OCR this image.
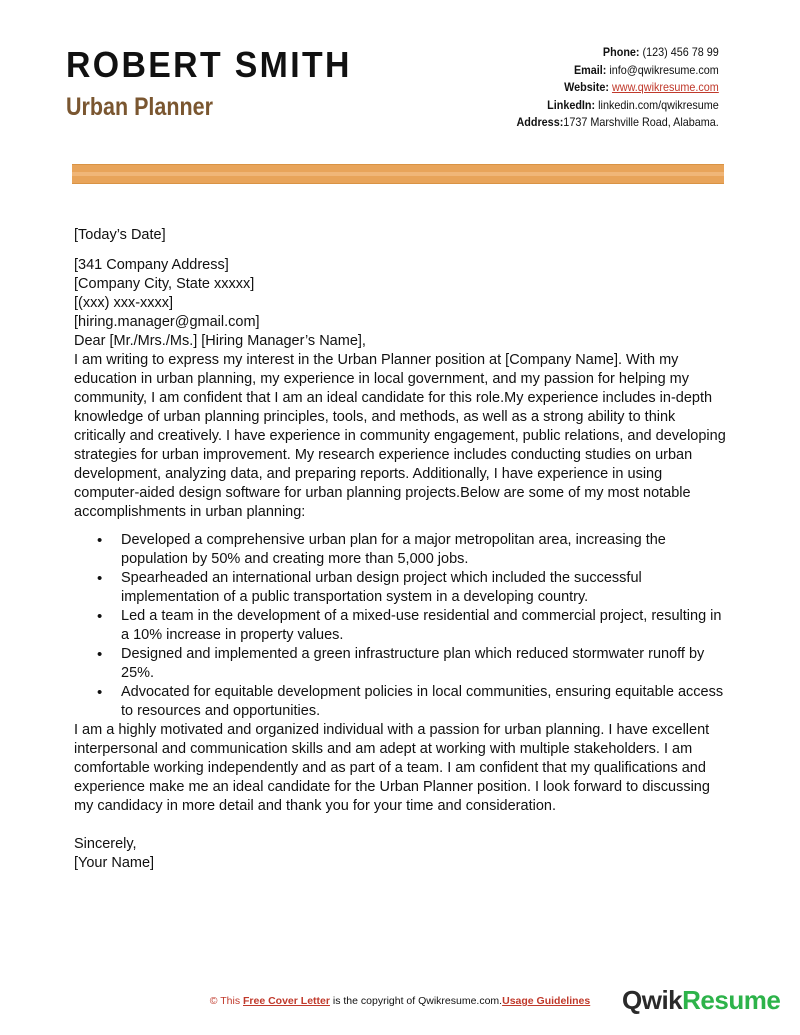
ROBERT SMITH
Urban Planner
Phone: (123) 456 78 99
Email: info@qwikresume.com
Website: www.qwikresume.com
LinkedIn: linkedin.com/qwikresume
Address:1737 Marshville Road, Alabama.

[Today’s Date]

[341 Company Address]

[Company City, State xxxxx]

[(xxx) xxx-xxxx]

[hiring.manager@gmail.com]

Dear [Mr./Mrs./Ms.] [Hiring Manager’s Name],

I am writing to express my interest in the Urban Planner position at [Company Name]. With my education in urban planning, my experience in local government, and my passion for helping my community, I am confident that I am an ideal candidate for this role.My experience includes in-depth knowledge of urban planning principles, tools, and methods, as well as a strong ability to think critically and creatively. I have experience in community engagement, public relations, and developing strategies for urban improvement. My research experience includes conducting studies on urban development, analyzing data, and preparing reports. Additionally, I have experience in using computer-aided design software for urban planning projects.Below are some of my most notable accomplishments in urban planning:

• Developed a comprehensive urban plan for a major metropolitan area, increasing the population by 50% and creating more than 5,000 jobs.
• Spearheaded an international urban design project which included the successful implementation of a public transportation system in a developing country.
• Led a team in the development of a mixed-use residential and commercial project, resulting in a 10% increase in property values.
• Designed and implemented a green infrastructure plan which reduced stormwater runoff by 25%.
• Advocated for equitable development policies in local communities, ensuring equitable access to resources and opportunities.

I am a highly motivated and organized individual with a passion for urban planning. I have excellent interpersonal and communication skills and am adept at working with multiple stakeholders. I am comfortable working independently and as part of a team. I am confident that my qualifications and experience make me an ideal candidate for the Urban Planner position. I look forward to discussing my candidacy in more detail and thank you for your time and consideration.

Sincerely,

[Your Name]

© This Free Cover Letter is the copyright of Qwikresume.com.Usage Guidelines	QwikResume
